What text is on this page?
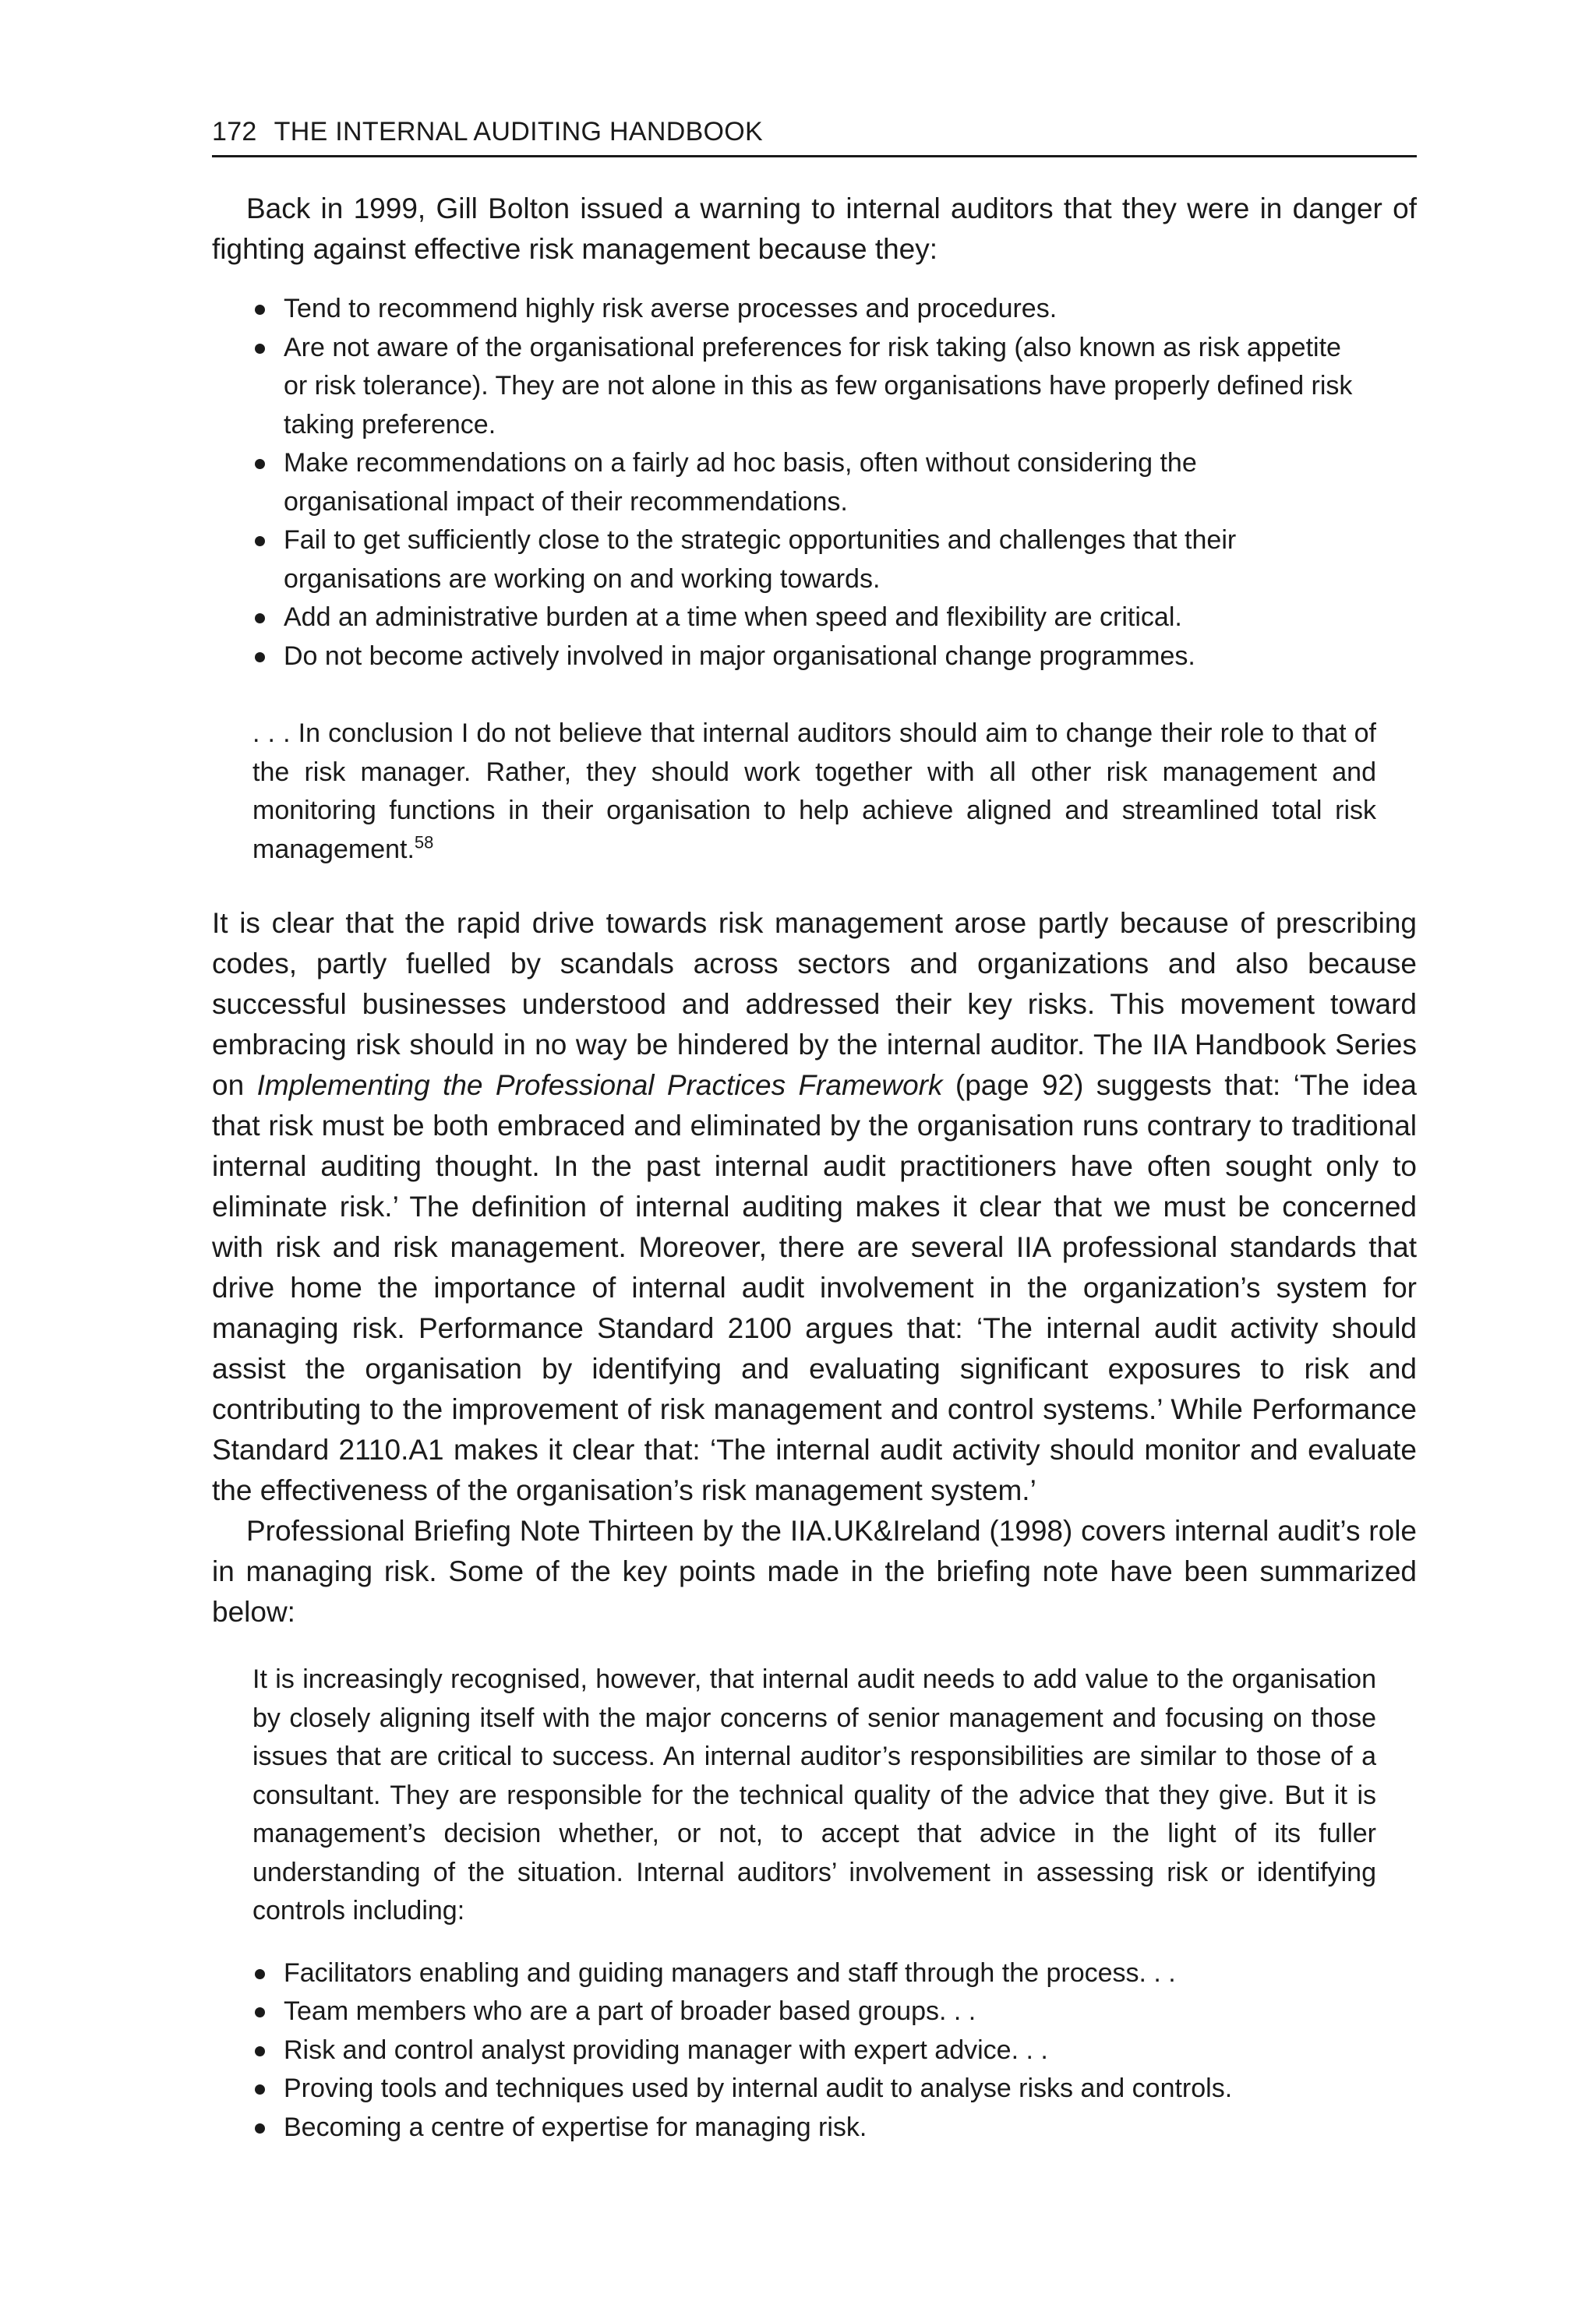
172 THE INTERNAL AUDITING HANDBOOK

Back in 1999, Gill Bolton issued a warning to internal auditors that they were in danger of fighting against effective risk management because they:

Tend to recommend highly risk averse processes and procedures.
Are not aware of the organisational preferences for risk taking (also known as risk appetite or risk tolerance). They are not alone in this as few organisations have properly defined risk taking preference.
Make recommendations on a fairly ad hoc basis, often without considering the organisational impact of their recommendations.
Fail to get sufficiently close to the strategic opportunities and challenges that their organisations are working on and working towards.
Add an administrative burden at a time when speed and flexibility are critical.
Do not become actively involved in major organisational change programmes.
. . . In conclusion I do not believe that internal auditors should aim to change their role to that of the risk manager. Rather, they should work together with all other risk management and monitoring functions in their organisation to help achieve aligned and streamlined total risk management.$^{58}$

It is clear that the rapid drive towards risk management arose partly because of prescribing codes, partly fuelled by scandals across sectors and organizations and also because successful businesses understood and addressed their key risks. This movement toward embracing risk should in no way be hindered by the internal auditor. The IIA Handbook Series on Implementing the Professional Practices Framework (page 92) suggests that: ‘The idea that risk must be both embraced and eliminated by the organisation runs contrary to traditional internal auditing thought. In the past internal audit practitioners have often sought only to eliminate risk.’ The definition of internal auditing makes it clear that we must be concerned with risk and risk management. Moreover, there are several IIA professional standards that drive home the importance of internal audit involvement in the organization’s system for managing risk. Performance Standard 2100 argues that: ‘The internal audit activity should assist the organisation by identifying and evaluating significant exposures to risk and contributing to the improvement of risk management and control systems.’ While Performance Standard 2110.A1 makes it clear that: ‘The internal audit activity should monitor and evaluate the effectiveness of the organisation’s risk management system.’

Professional Briefing Note Thirteen by the IIA.UK&Ireland (1998) covers internal audit’s role in managing risk. Some of the key points made in the briefing note have been summarized below:

It is increasingly recognised, however, that internal audit needs to add value to the organisation by closely aligning itself with the major concerns of senior management and focusing on those issues that are critical to success. An internal auditor’s responsibilities are similar to those of a consultant. They are responsible for the technical quality of the advice that they give. But it is management’s decision whether, or not, to accept that advice in the light of its fuller understanding of the situation. Internal auditors’ involvement in assessing risk or identifying controls including:
Facilitators enabling and guiding managers and staff through the process. . .
Team members who are a part of broader based groups. . .
Risk and control analyst providing manager with expert advice. . .
Proving tools and techniques used by internal audit to analyse risks and controls.
Becoming a centre of expertise for managing risk.
